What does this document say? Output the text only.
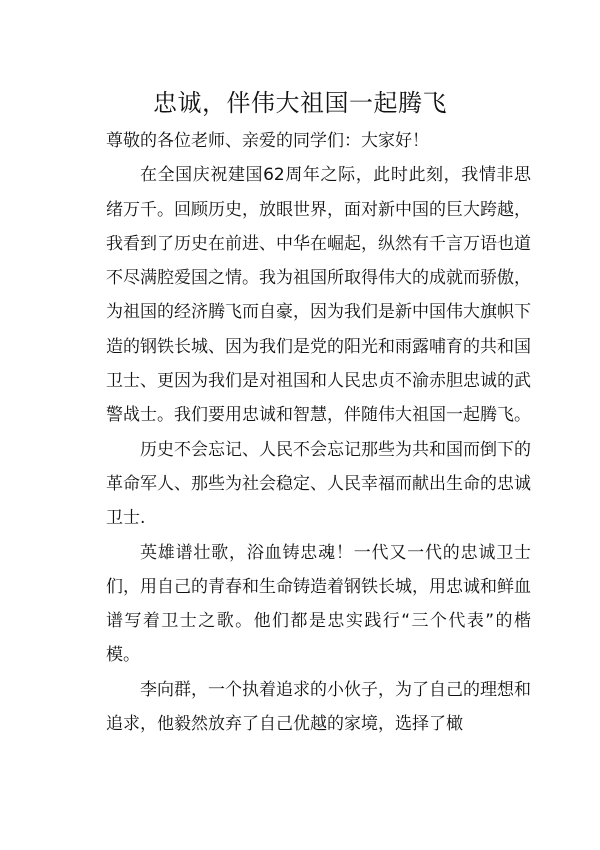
忠诚，伴伟大祖国一起腾飞

尊敬的各位老师、亲爱的同学们：大家好！

在全国庆祝建国62周年之际，此时此刻，我情非思绪万千。回顾历史，放眼世界，面对新中国的巨大跨越，我看到了历史在前进、中华在崛起，纵然有千言万语也道不尽满腔爱国之情。我为祖国所取得伟大的成就而骄傲，为祖国的经济腾飞而自豪，因为我们是新中国伟大旗帜下造的钢铁长城、因为我们是党的阳光和雨露哺育的共和国卫士、更因为我们是对祖国和人民忠贞不渝赤胆忠诚的武警战士。我们要用忠诚和智慧，伴随伟大祖国一起腾飞。

历史不会忘记、人民不会忘记那些为共和国而倒下的革命军人、那些为社会稳定、人民幸福而献出生命的忠诚卫士.

英雄谱壮歌，浴血铸忠魂！一代又一代的忠诚卫士们，用自己的青春和生命铸造着钢铁长城，用忠诚和鲜血谱写着卫士之歌。他们都是忠实践行“三个代表”的楷模。

李向群，一个执着追求的小伙子，为了自己的理想和追求，他毅然放弃了自己优越的家境，选择了橄
